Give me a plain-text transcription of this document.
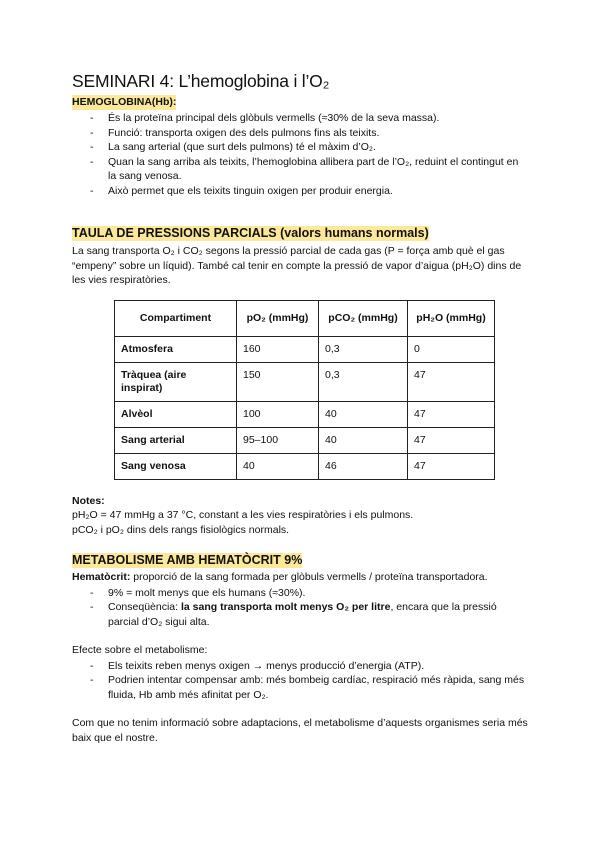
SEMINARI 4: L’hemoglobina i l’O₂
HEMOGLOBINA(Hb):
- És la proteïna principal dels glòbuls vermells (≈30% de la seva massa).
- Funció: transporta oxigen des dels pulmons fins als teixits.
- La sang arterial (que surt dels pulmons) té el màxim d’O₂.
- Quan la sang arriba als teixits, l’hemoglobina allibera part de l’O₂, reduint el contingut en la sang venosa.
- Això permet que els teixits tinguin oxigen per produir energia.
TAULA DE PRESSIONS PARCIALS (valors humans normals)

La sang transporta O₂ i CO₂ segons la pressió parcial de cada gas (P = força amb què el gas “empeny” sobre un líquid). També cal tenir en compte la pressió de vapor d’aigua (pH₂O) dins de les vies respiratòries.

Compartiment	pO₂ (mmHg)	pCO₂ (mmHg)	pH₂O (mmHg)
Atmosfera	160	0,3	0
Tràquea (aire inspirat)	150	0,3	47
Alvèol	100	40	47
Sang arterial	95–100	40	47
Sang venosa	40	46	47

Notes:

pH₂O = 47 mmHg a 37 °C, constant a les vies respiratòries i els pulmons.

pCO₂ i pO₂ dins dels rangs fisiològics normals.

METABOLISME AMB HEMATÒCRIT 9%

Hematòcrit: proporció de la sang formada per glòbuls vermells / proteïna transportadora.

- 9% = molt menys que els humans (≈30%).
- Conseqüència: la sang transporta molt menys O₂ per litre, encara que la pressió parcial d’O₂ sigui alta.

Efecte sobre el metabolisme:

- Els teixits reben menys oxigen → menys producció d’energia (ATP).
- Podrien intentar compensar amb: més bombeig cardíac, respiració més ràpida, sang més fluida, Hb amb més afinitat per O₂.

Com que no tenim informació sobre adaptacions, el metabolisme d’aquests organismes seria més baix que el nostre.
